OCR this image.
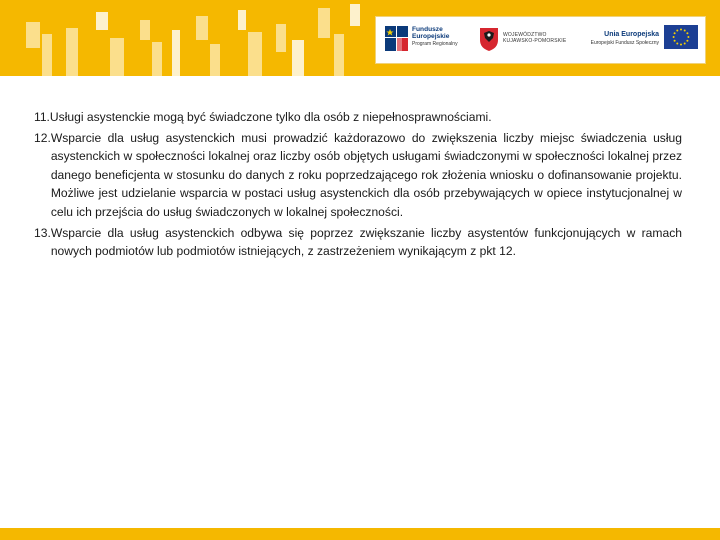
Fundusze
Europejskie
Program Regionalny
WOJEWÓDZTWO
KUJAWSKO-POMORSKIE
Unia Europejska
Europejski Fundusz Społeczny
11. Usługi asystenckie mogą być świadczone tylko dla osób z niepełnosprawnościami.
12. Wsparcie dla usług asystenckich musi prowadzić każdorazowo do zwiększenia liczby miejsc świadczenia usług asystenckich w społeczności lokalnej oraz liczby osób objętych usługami świadczonymi w społeczności lokalnej przez danego beneficjenta w stosunku do danych z roku poprzedzającego rok złożenia wniosku o dofinansowanie projektu. Możliwe jest udzielanie wsparcia w postaci usług asystenckich dla osób przebywających w opiece instytucjonalnej w celu ich przejścia do usług świadczonych w lokalnej społeczności.
13. Wsparcie dla usług asystenckich odbywa się poprzez zwiększanie liczby asystentów funkcjonujących w ramach nowych podmiotów lub podmiotów istniejących, z zastrzeżeniem wynikającym z pkt 12.
